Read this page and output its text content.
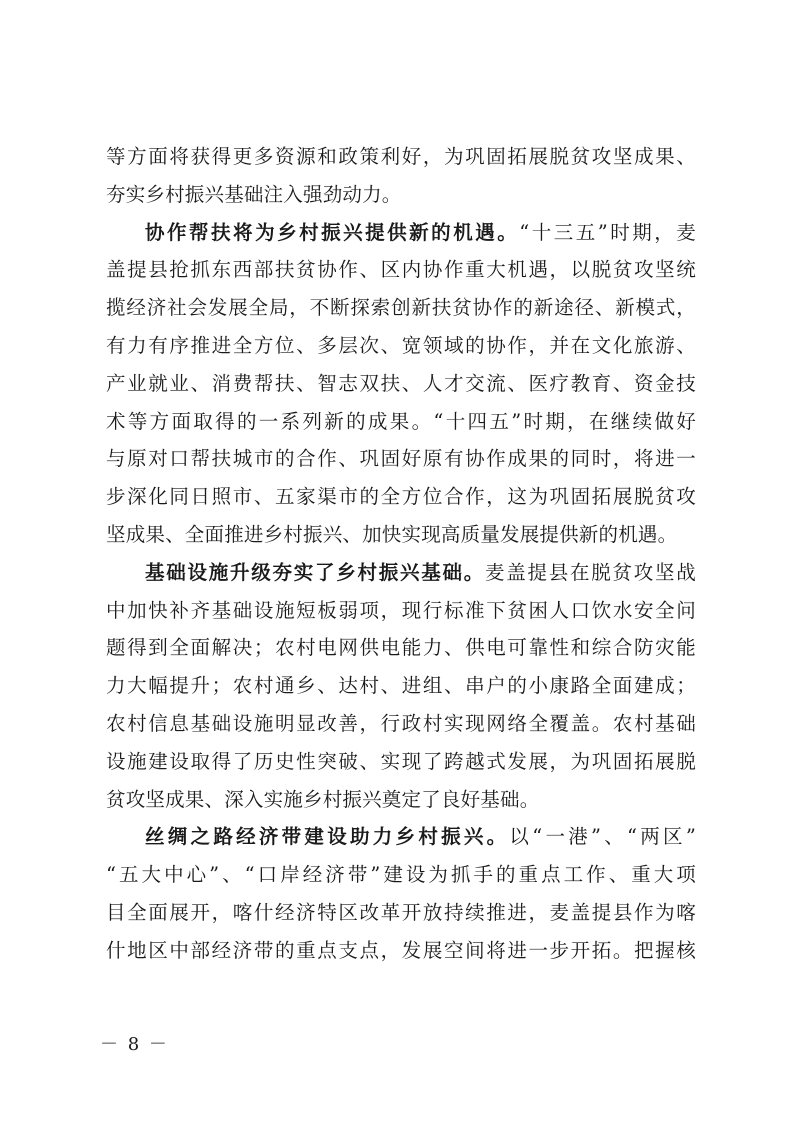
等方面将获得更多资源和政策利好，为巩固拓展脱贫攻坚成果、
夯实乡村振兴基础注入强劲动力。
协作帮扶将为乡村振兴提供新的机遇。“十三五”时期，麦
盖提县抢抓东西部扶贫协作、区内协作重大机遇，以脱贫攻坚统
揽经济社会发展全局，不断探索创新扶贫协作的新途径、新模式，
有力有序推进全方位、多层次、宽领域的协作，并在文化旅游、
产业就业、消费帮扶、智志双扶、人才交流、医疗教育、资金技
术等方面取得的一系列新的成果。“十四五”时期，在继续做好
与原对口帮扶城市的合作、巩固好原有协作成果的同时，将进一
步深化同日照市、五家渠市的全方位合作，这为巩固拓展脱贫攻
坚成果、全面推进乡村振兴、加快实现高质量发展提供新的机遇。
基础设施升级夯实了乡村振兴基础。麦盖提县在脱贫攻坚战
中加快补齐基础设施短板弱项，现行标准下贫困人口饮水安全问
题得到全面解决；农村电网供电能力、供电可靠性和综合防灾能
力大幅提升；农村通乡、达村、进组、串户的小康路全面建成；
农村信息基础设施明显改善，行政村实现网络全覆盖。农村基础
设施建设取得了历史性突破、实现了跨越式发展，为巩固拓展脱
贫攻坚成果、深入实施乡村振兴奠定了良好基础。
丝绸之路经济带建设助力乡村振兴。以“一港”、“两区”
“五大中心”、“口岸经济带”建设为抓手的重点工作、重大项
目全面展开，喀什经济特区改革开放持续推进，麦盖提县作为喀
什地区中部经济带的重点支点，发展空间将进一步开拓。把握核
－ 8 －
